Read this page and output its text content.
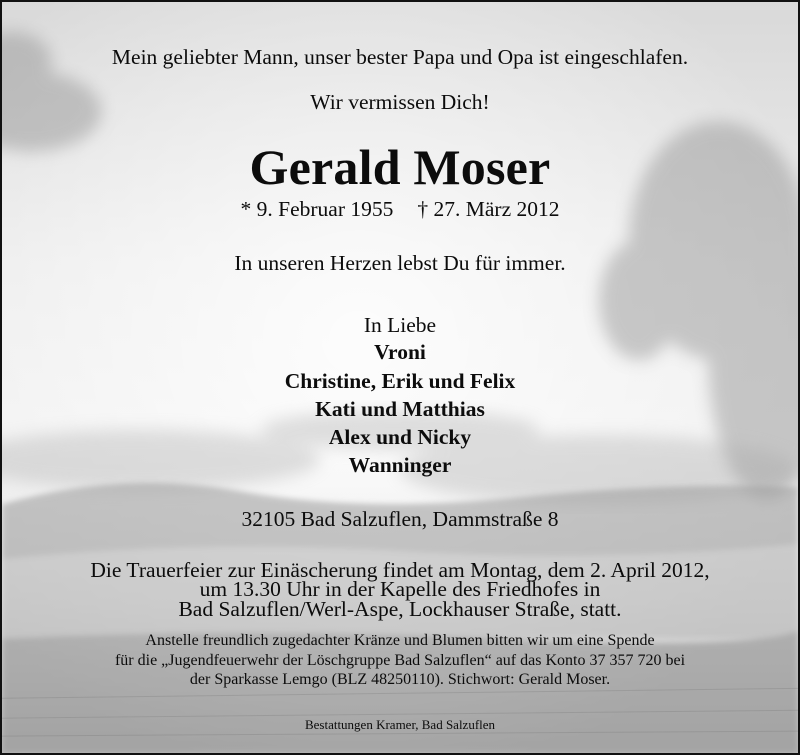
Mein geliebter Mann, unser bester Papa und Opa ist eingeschlafen.
Wir vermissen Dich!
Gerald Moser
* 9. Februar 1955 † 27. März 2012
In unseren Herzen lebst Du für immer.
In Liebe
Vroni
Christine, Erik und Felix
Kati und Matthias
Alex und Nicky
Wanninger
32105 Bad Salzuflen, Dammstraße 8
Die Trauerfeier zur Einäscherung findet am Montag, dem 2. April 2012,
um 13.30 Uhr in der Kapelle des Friedhofes in
Bad Salzuflen/Werl-Aspe, Lockhauser Straße, statt.
Anstelle freundlich zugedachter Kränze und Blumen bitten wir um eine Spende
für die „Jugendfeuerwehr der Löschgruppe Bad Salzuflen“ auf das Konto 37 357 720 bei
der Sparkasse Lemgo (BLZ 48250110). Stichwort: Gerald Moser.
Bestattungen Kramer, Bad Salzuflen
